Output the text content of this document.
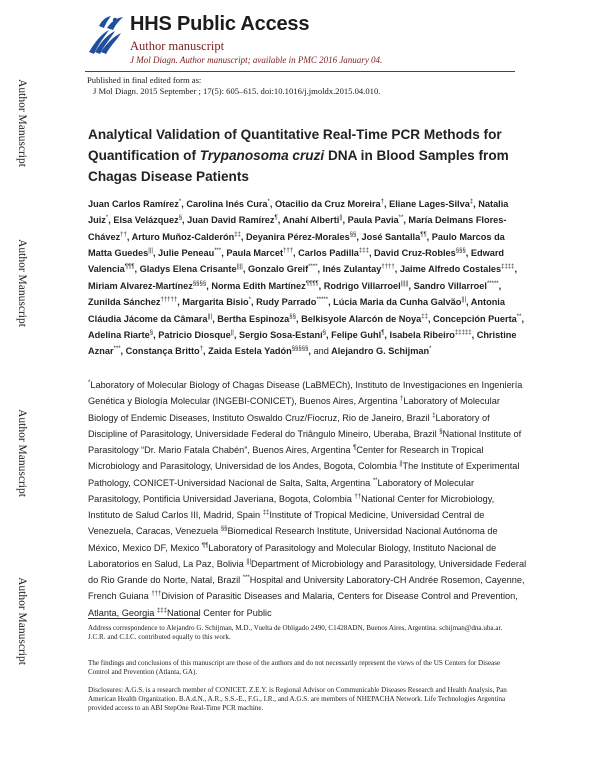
Author Manuscript
Author Manuscript
Author Manuscript
Author Manuscript
HHS Public Access
Author manuscript
J Mol Diagn. Author manuscript; available in PMC 2016 January 04.
Published in final edited form as:
J Mol Diagn. 2015 September ; 17(5): 605–615. doi:10.1016/j.jmoldx.2015.04.010.
Analytical Validation of Quantitative Real-Time PCR Methods for Quantification of Trypanosoma cruzi DNA in Blood Samples from Chagas Disease Patients
Juan Carlos Ramírez*, Carolina Inés Cura*, Otacilio da Cruz Moreira†, Eliane Lages-Silva‡, Natalia Juiz*, Elsa Velázquez§, Juan David Ramírez¶, Anahí Alberti||, Paula Pavia**, María Delmans Flores-Chávez††, Arturo Muñoz-Calderón‡‡, Deyanira Pérez-Morales§§, José Santalla¶¶, Paulo Marcos da Matta Guedes|||, Julie Peneau***, Paula Marcet†††, Carlos Padilla‡‡‡, David Cruz-Robles§§§, Edward Valencia¶¶¶, Gladys Elena Crisante||||, Gonzalo Greif****, Inés Zulantay††††, Jaime Alfredo Costales‡‡‡‡, Miriam Alvarez-Martínez§§§§, Norma Edith Martínez¶¶¶¶, Rodrigo Villarroel|||||, Sandro Villarroel*****, Zunilda Sánchez†††††, Margarita Bisio*, Rudy Parrado*****, Lúcia Maria da Cunha Galvão|||, Antonia Cláudia Jácome da Câmara|||, Bertha Espinoza§§, Belkisyole Alarcón de Noya‡‡, Concepción Puerta**, Adelina Riarte§, Patricio Diosque||, Sergio Sosa-Estaní§, Felipe Guhl¶, Isabela Ribeiro‡‡‡‡‡, Christine Aznar***, Constança Britto†, Zaida Estela Yadón§§§§§, and Alejandro G. Schijman*
*Laboratory of Molecular Biology of Chagas Disease (LaBMECh), Instituto de Investigaciones en Ingeniería Genética y Biología Molecular (INGEBI-CONICET), Buenos Aires, Argentina †Laboratory of Molecular Biology of Endemic Diseases, Instituto Oswaldo Cruz/Fiocruz, Rio de Janeiro, Brazil ‡Laboratory of Discipline of Parasitology, Universidade Federal do Triângulo Mineiro, Uberaba, Brazil §National Institute of Parasitology “Dr. Mario Fatala Chabén”, Buenos Aires, Argentina ¶Center for Research in Tropical Microbiology and Parasitology, Universidad de los Andes, Bogota, Colombia ||The Institute of Experimental Pathology, CONICET-Universidad Nacional de Salta, Salta, Argentina **Laboratory of Molecular Parasitology, Pontificia Universidad Javeriana, Bogota, Colombia ††National Center for Microbiology, Instituto de Salud Carlos III, Madrid, Spain ‡‡Institute of Tropical Medicine, Universidad Central de Venezuela, Caracas, Venezuela §§Biomedical Research Institute, Universidad Nacional Autónoma de México, Mexico DF, Mexico ¶¶Laboratory of Parasitology and Molecular Biology, Instituto Nacional de Laboratorios en Salud, La Paz, Bolivia |||Department of Microbiology and Parasitology, Universidade Federal do Rio Grande do Norte, Natal, Brazil ***Hospital and University Laboratory-CH Andrée Rosemon, Cayenne, French Guiana †††Division of Parasitic Diseases and Malaria, Centers for Disease Control and Prevention, Atlanta, Georgia ‡‡‡National Center for Public
Address correspondence to Alejandro G. Schijman, M.D., Vuelta de Obligado 2490, C1428ADN, Buenos Aires, Argentina. schijman@dna.uba.ar.
J.C.R. and C.I.C. contributed equally to this work.
The findings and conclusions of this manuscript are those of the authors and do not necessarily represent the views of the US Centers for Disease Control and Prevention (Atlanta, GA).
Disclosures: A.G.S. is a research member of CONICET. Z.E.Y. is Regional Advisor on Communicable Diseases Research and Health Analysis, Pan American Health Organization. B.A.d.N., A.R., S.S.-E., F.G., I.R., and A.G.S. are members of NHEPACHA Network. Life Technologies Argentina provided access to an ABI StepOne Real-Time PCR machine.
